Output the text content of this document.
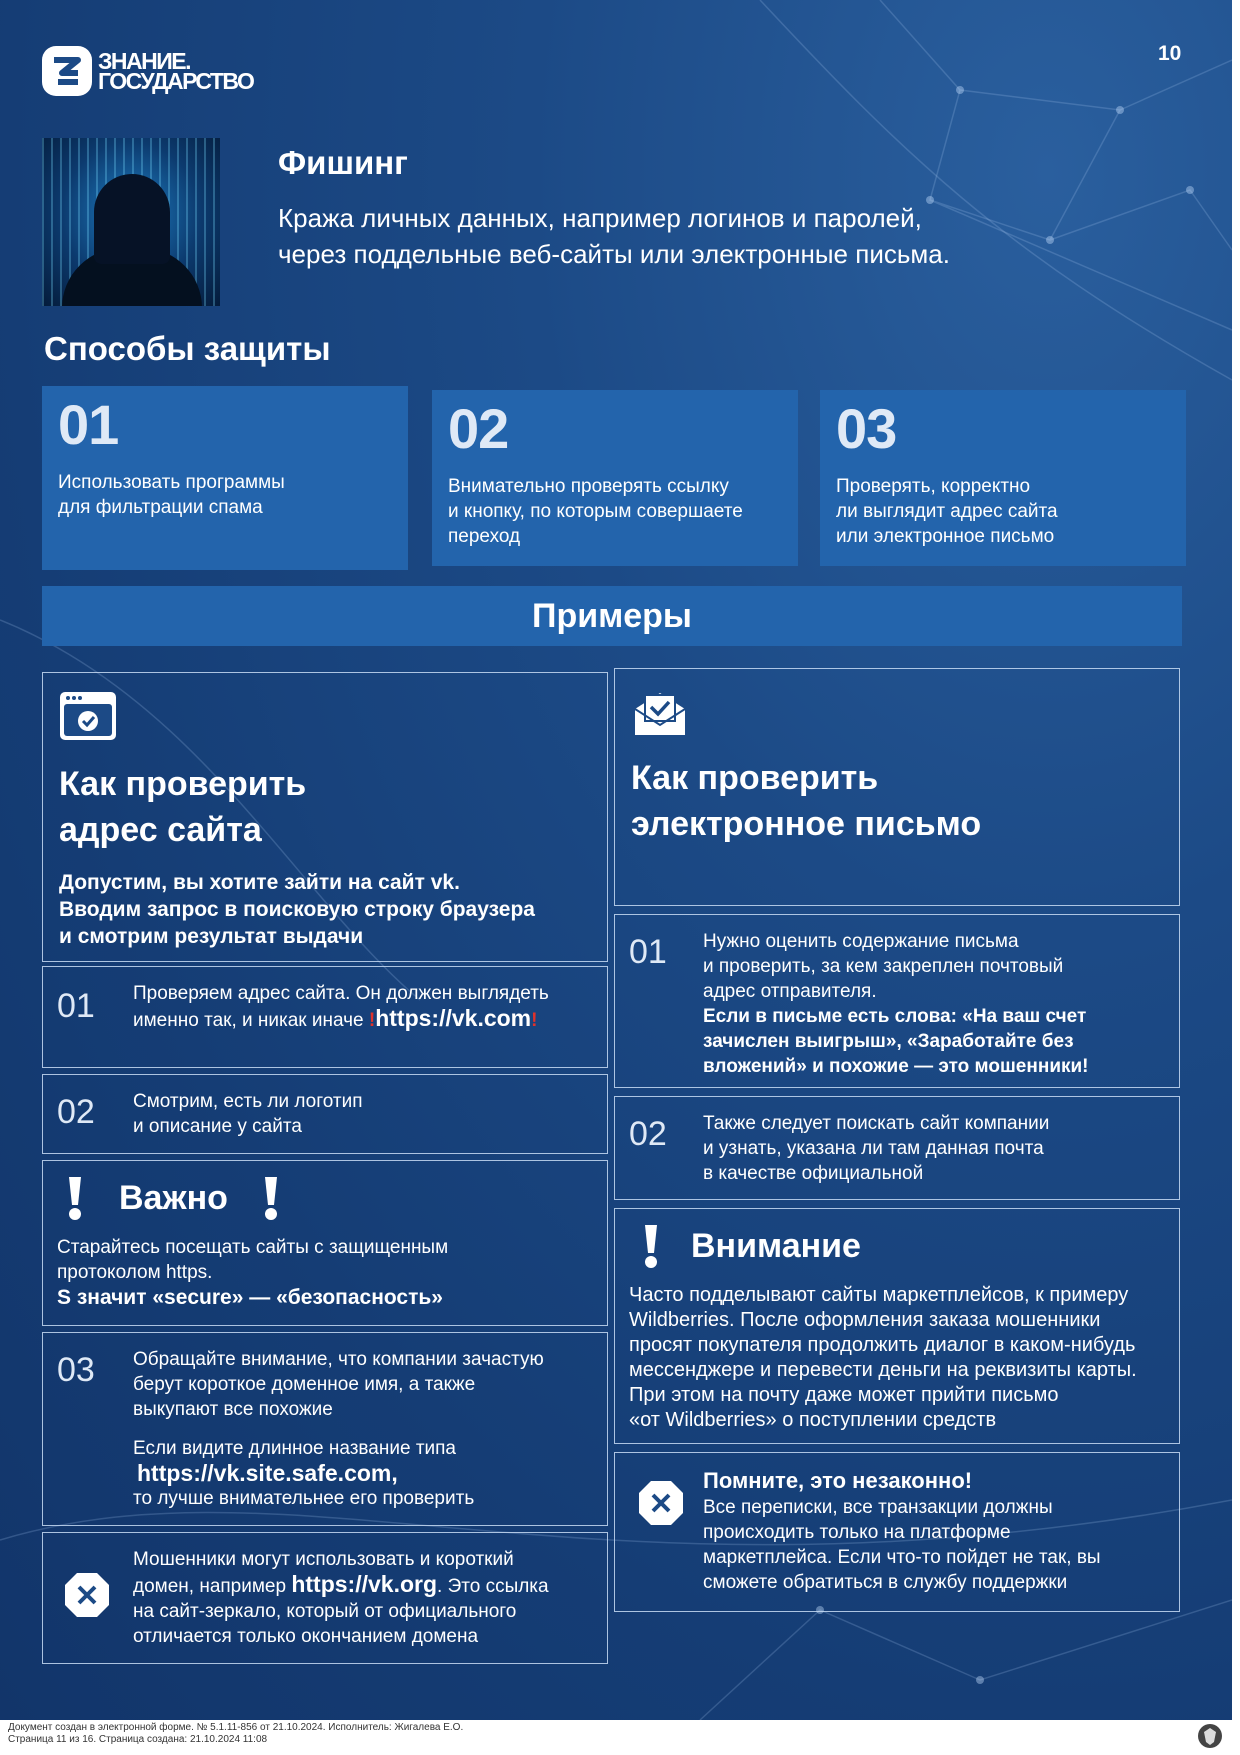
ЗНАНИЕ.
ГОСУДАРСТВО
10
Фишинг
Кража личных данных, например логинов и паролей,
через поддельные веб-сайты или электронные письма.
Способы защиты
01
Использовать программы
для фильтрации спама
02
Внимательно проверять ссылку
и кнопку, по которым совершаете
переход
03
Проверять, корректно
ли выглядит адрес сайта
или электронное письмо
Примеры
Как проверить
адрес сайта
Допустим, вы хотите зайти на сайт vk.
Вводим запрос в поисковую строку браузера
и смотрим результат выдачи
01 Проверяем адрес сайта. Он должен выглядеть
именно так, и никак иначе !https://vk.com!
02 Смотрим, есть ли логотип
и описание у сайта
Важно
Старайтесь посещать сайты с защищенным
протоколом https.
S значит «secure» — «безопасность»
03 Обращайте внимание, что компании зачастую
берут короткое доменное имя, а также
выкупают все похожие
Если видите длинное название типа
https://vk.site.safe.com,
то лучше внимательнее его проверить
Мошенники могут использовать и короткий
домен, например https://vk.org. Это ссылка
на сайт-зеркало, который от официального
отличается только окончанием домена
Как проверить
электронное письмо
01 Нужно оценить содержание письма
и проверить, за кем закреплен почтовый
адрес отправителя.
Если в письме есть слова: «На ваш счет
зачислен выигрыш», «Заработайте без
вложений» и похожие — это мошенники!
02 Также следует поискать сайт компании
и узнать, указана ли там данная почта
в качестве официальной
Внимание
Часто подделывают сайты маркетплейсов, к примеру
Wildberries. После оформления заказа мошенники
просят покупателя продолжить диалог в каком-нибудь
мессенджере и перевести деньги на реквизиты карты.
При этом на почту даже может прийти письмо
«от Wildberries» о поступлении средств
Помните, это незаконно!
Все переписки, все транзакции должны
происходить только на платформе
маркетплейса. Если что-то пойдет не так, вы
сможете обратиться в службу поддержки
Документ создан в электронной форме. № 5.1.11-856 от 21.10.2024. Исполнитель: Жигалева Е.О.
Страница 11 из 16. Страница создана: 21.10.2024 11:08
